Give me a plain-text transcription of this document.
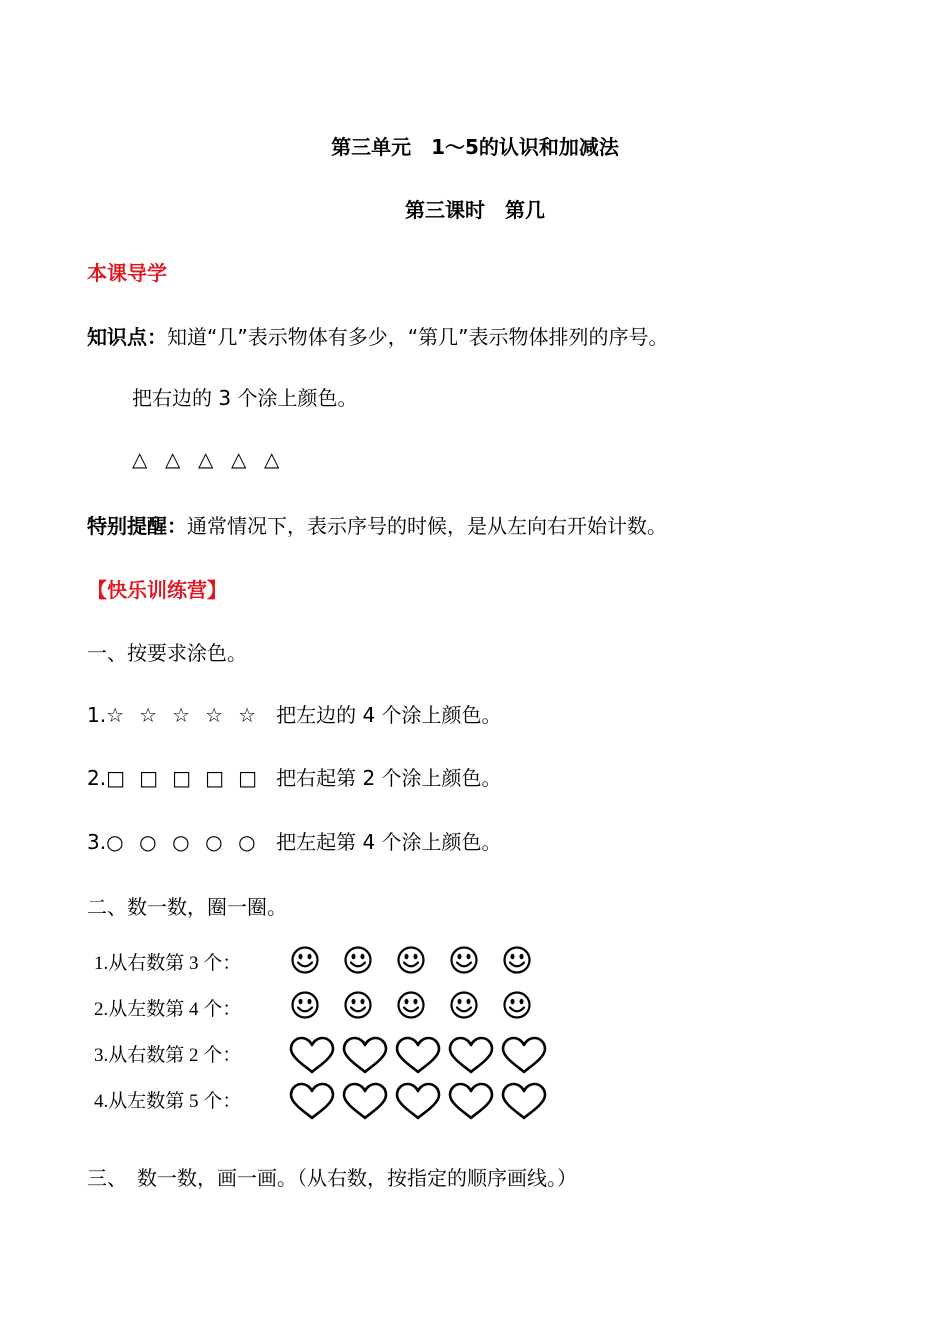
第三单元　1～5的认识和加减法
第三课时　第几
本课导学
知识点：知道“几”表示物体有多少，“第几”表示物体排列的序号。
把右边的 3 个涂上颜色。
△ △ △ △ △
特别提醒：通常情况下，表示序号的时候，是从左向右开始计数。
【快乐训练营】
一、按要求涂色。
1.☆ ☆ ☆ ☆ ☆ 把左边的 4 个涂上颜色。
2.□ □ □ □ □ 把右起第 2 个涂上颜色。
3.○ ○ ○ ○ ○ 把左起第 4 个涂上颜色。
二、数一数，圈一圈。
1.从右数第 3 个：
2.从左数第 4 个：
3.从右数第 2 个：
4.从左数第 5 个：
三、　数一数，画一画。（从右数，按指定的顺序画线。）
